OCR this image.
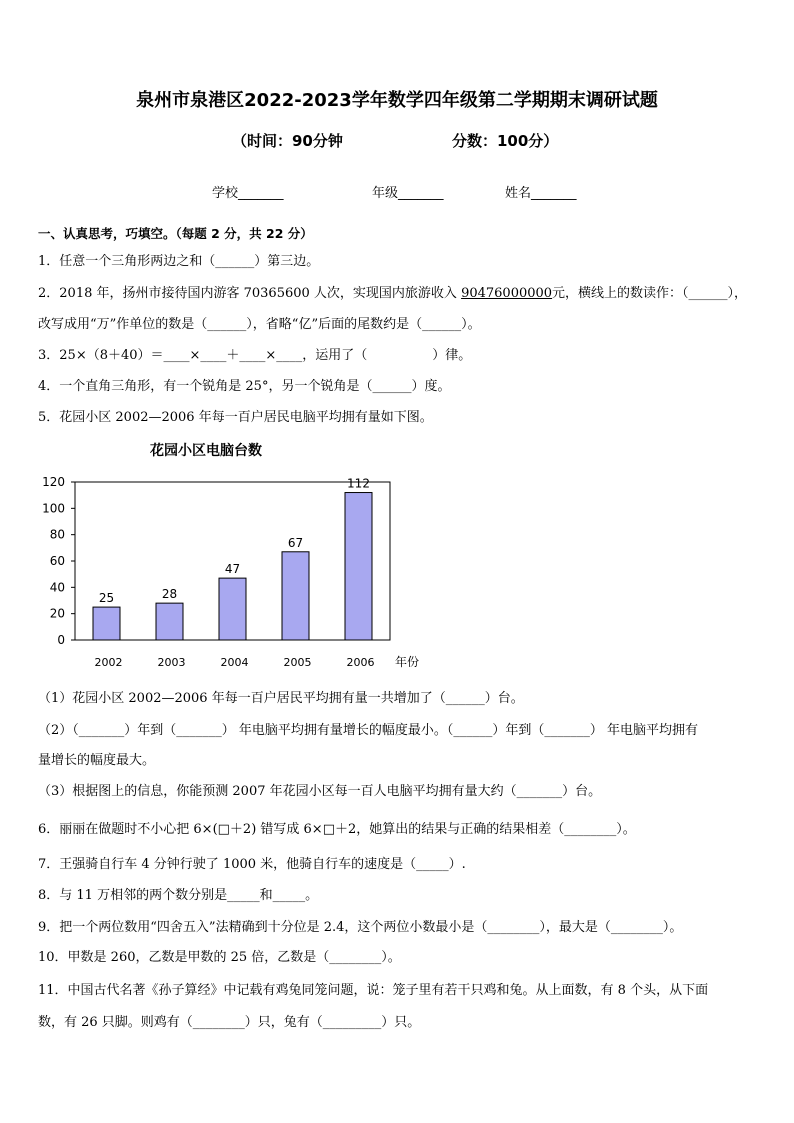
泉州市泉港区2022-2023学年数学四年级第二学期期末调研试题
（时间：90分钟	分数：100分）
学校_______	年级_______	姓名_______
一、认真思考，巧填空。（每题 2 分，共 22 分）
1．任意一个三角形两边之和（______）第三边。
2．2018 年，扬州市接待国内游客 70365600 人次，实现国内旅游收入 90476000000元，横线上的数读作：（______），
改写成用“万”作单位的数是（______），省略“亿”后面的尾数约是（______）。
3．25×（8＋40）＝____×____＋____×____，运用了（　　　　　）律。
4．一个直角三角形，有一个锐角是 25°，另一个锐角是（______）度。
5．花园小区 2002—2006 年每一百户居民电脑平均拥有量如下图。
花园小区电脑台数
0
20
40
60
80
100
120
25
2002
28
2003
47
2004
67
2005
112
2006 年份
（1）花园小区 2002—2006 年每一百户居民平均拥有量一共增加了（______）台。
（2）（_______）年到（_______） 年电脑平均拥有量增长的幅度最小。（______）年到（_______） 年电脑平均拥有
量增长的幅度最大。
（3）根据图上的信息，你能预测 2007 年花园小区每一百人电脑平均拥有量大约（_______）台。
6．丽丽在做题时不小心把 6×(□＋2) 错写成 6×□＋2，她算出的结果与正确的结果相差（________）。
7．王强骑自行车 4 分钟行驶了 1000 米，他骑自行车的速度是（_____）.
8．与 11 万相邻的两个数分别是_____和_____。
9．把一个两位数用“四舍五入”法精确到十分位是 2.4，这个两位小数最小是（________），最大是（________）。
10．甲数是 260，乙数是甲数的 25 倍，乙数是（________）。
11．中国古代名著《孙子算经》中记载有鸡兔同笼问题，说：笼子里有若干只鸡和兔。从上面数，有 8 个头，从下面
数，有 26 只脚。则鸡有（________）只，兔有（_________）只。
